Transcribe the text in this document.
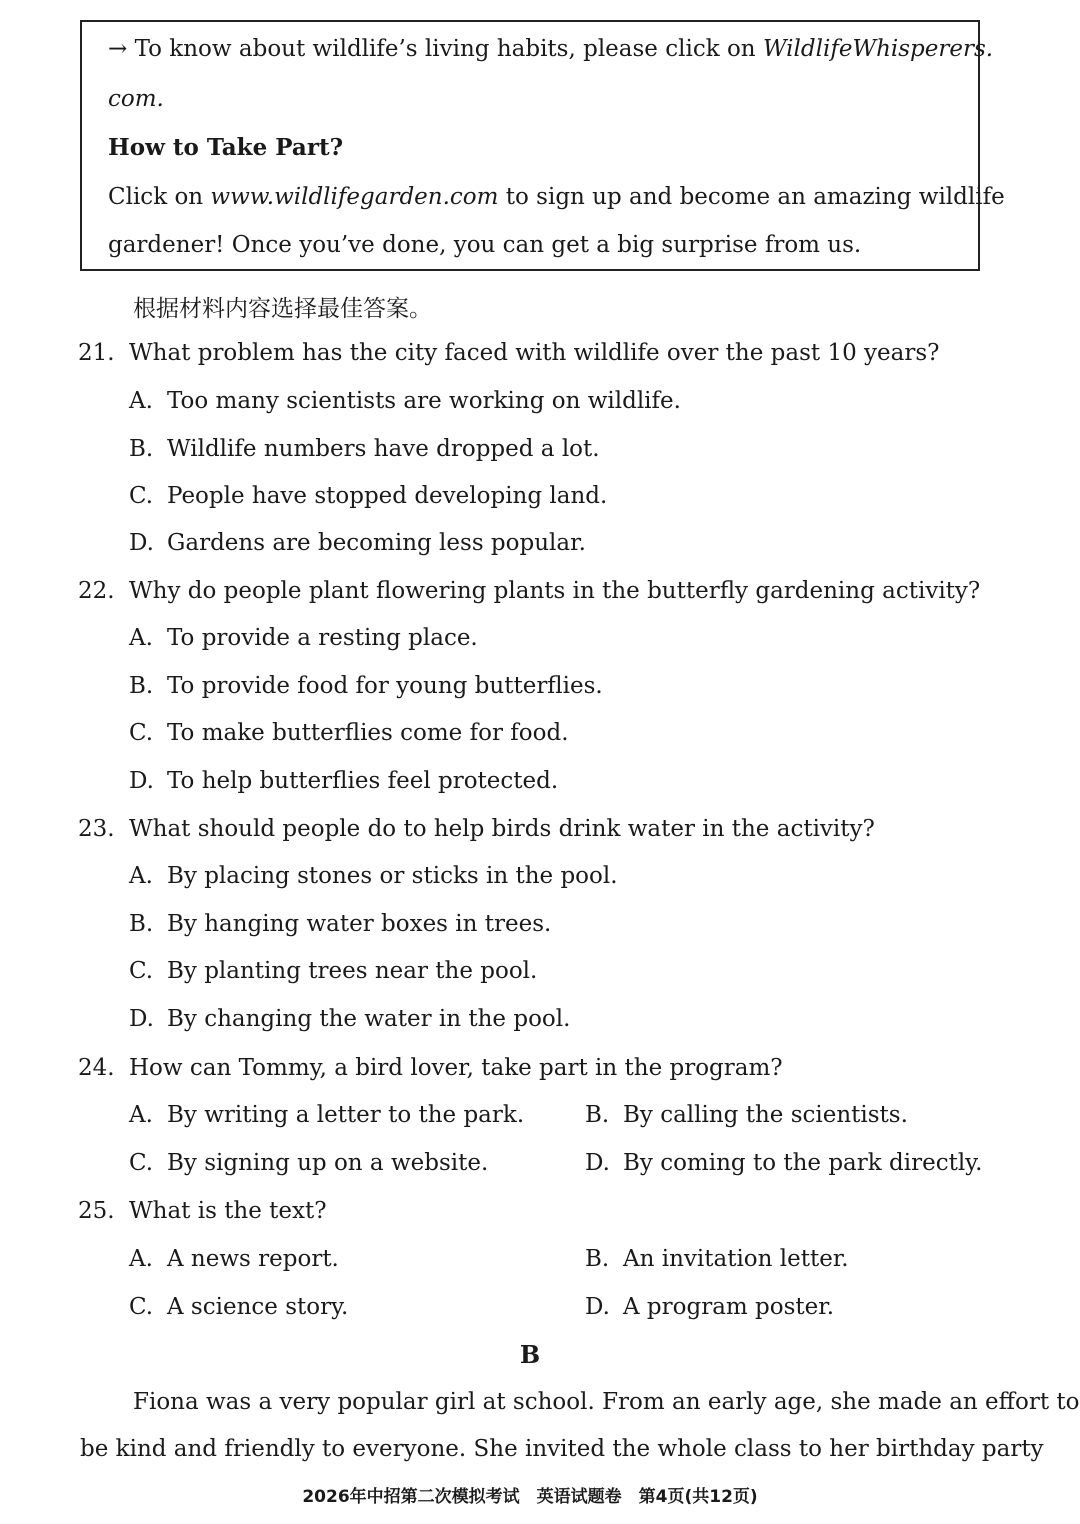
→ To know about wildlife’s living habits, please click on WildlifeWhisperers.
com.
How to Take Part?
Click on www.wildlifegarden.com to sign up and become an amazing wildlife
gardener! Once you’ve done, you can get a big surprise from us.
根据材料内容选择最佳答案。
21. What problem has the city faced with wildlife over the past 10 years?
A. Too many scientists are working on wildlife.
B. Wildlife numbers have dropped a lot.
C. People have stopped developing land.
D. Gardens are becoming less popular.
22. Why do people plant flowering plants in the butterfly gardening activity?
A. To provide a resting place.
B. To provide food for young butterflies.
C. To make butterflies come for food.
D. To help butterflies feel protected.
23. What should people do to help birds drink water in the activity?
A. By placing stones or sticks in the pool.
B. By hanging water boxes in trees.
C. By planting trees near the pool.
D. By changing the water in the pool.
24. How can Tommy, a bird lover, take part in the program?
A. By writing a letter to the park.	B. By calling the scientists.
C. By signing up on a website.	D. By coming to the park directly.
25. What is the text?
A. A news report.	B. An invitation letter.
C. A science story.	D. A program poster.
B
Fiona was a very popular girl at school. From an early age, she made an effort to
be kind and friendly to everyone. She invited the whole class to her birthday party
2026年中招第二次模拟考试　英语试题卷　第4页(共12页)
